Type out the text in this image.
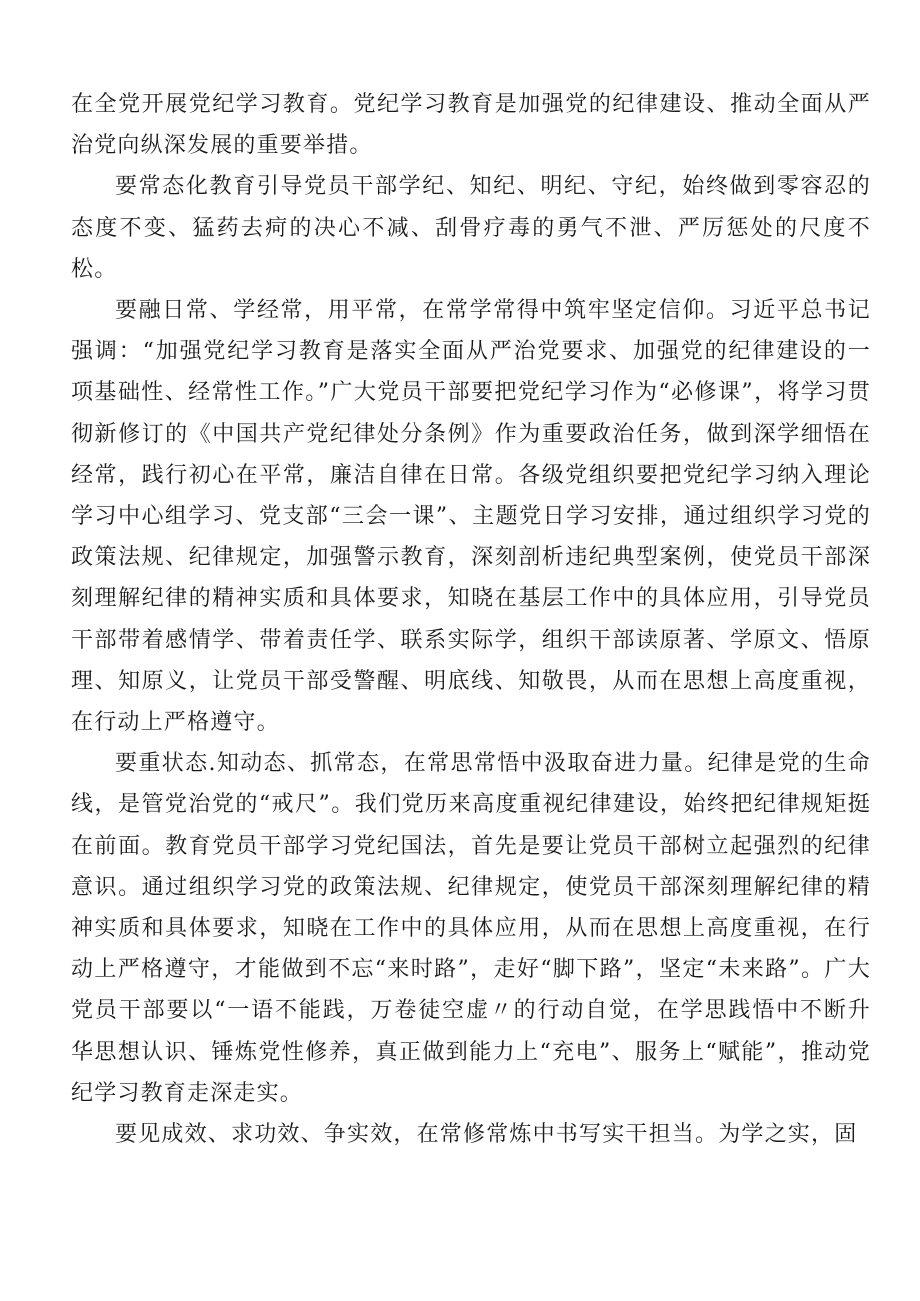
在全党开展党纪学习教育。党纪学习教育是加强党的纪律建设、推动全面从严治党向纵深发展的重要举措。

要常态化教育引导党员干部学纪、知纪、明纪、守纪，始终做到零容忍的态度不变、猛药去疴的决心不减、刮骨疗毒的勇气不泄、严厉惩处的尺度不松。

要融日常、学经常，用平常，在常学常得中筑牢坚定信仰。习近平总书记强调：“加强党纪学习教育是落实全面从严治党要求、加强党的纪律建设的一项基础性、经常性工作。”广大党员干部要把党纪学习作为“必修课”，将学习贯彻新修订的《中国共产党纪律处分条例》作为重要政治任务，做到深学细悟在经常，践行初心在平常，廉洁自律在日常。各级党组织要把党纪学习纳入理论学习中心组学习、党支部“三会一课”、主题党日学习安排，通过组织学习党的政策法规、纪律规定，加强警示教育，深刻剖析违纪典型案例，使党员干部深刻理解纪律的精神实质和具体要求，知晓在基层工作中的具体应用，引导党员干部带着感情学、带着责任学、联系实际学，组织干部读原著、学原文、悟原理、知原义，让党员干部受警醒、明底线、知敬畏，从而在思想上高度重视，在行动上严格遵守。

要重状态.知动态、抓常态，在常思常悟中汲取奋进力量。纪律是党的生命线，是管党治党的“戒尺”。我们党历来高度重视纪律建设，始终把纪律规矩挺在前面。教育党员干部学习党纪国法，首先是要让党员干部树立起强烈的纪律意识。通过组织学习党的政策法规、纪律规定，使党员干部深刻理解纪律的精神实质和具体要求，知晓在工作中的具体应用，从而在思想上高度重视，在行动上严格遵守，才能做到不忘“来时路”，走好“脚下路”，坚定“未来路”。广大党员干部要以“一语不能践，万卷徒空虚〃的行动自觉，在学思践悟中不断升华思想认识、锤炼党性修养，真正做到能力上“充电”、服务上“赋能”，推动党纪学习教育走深走实。

要见成效、求功效、争实效，在常修常炼中书写实干担当。为学之实，固
